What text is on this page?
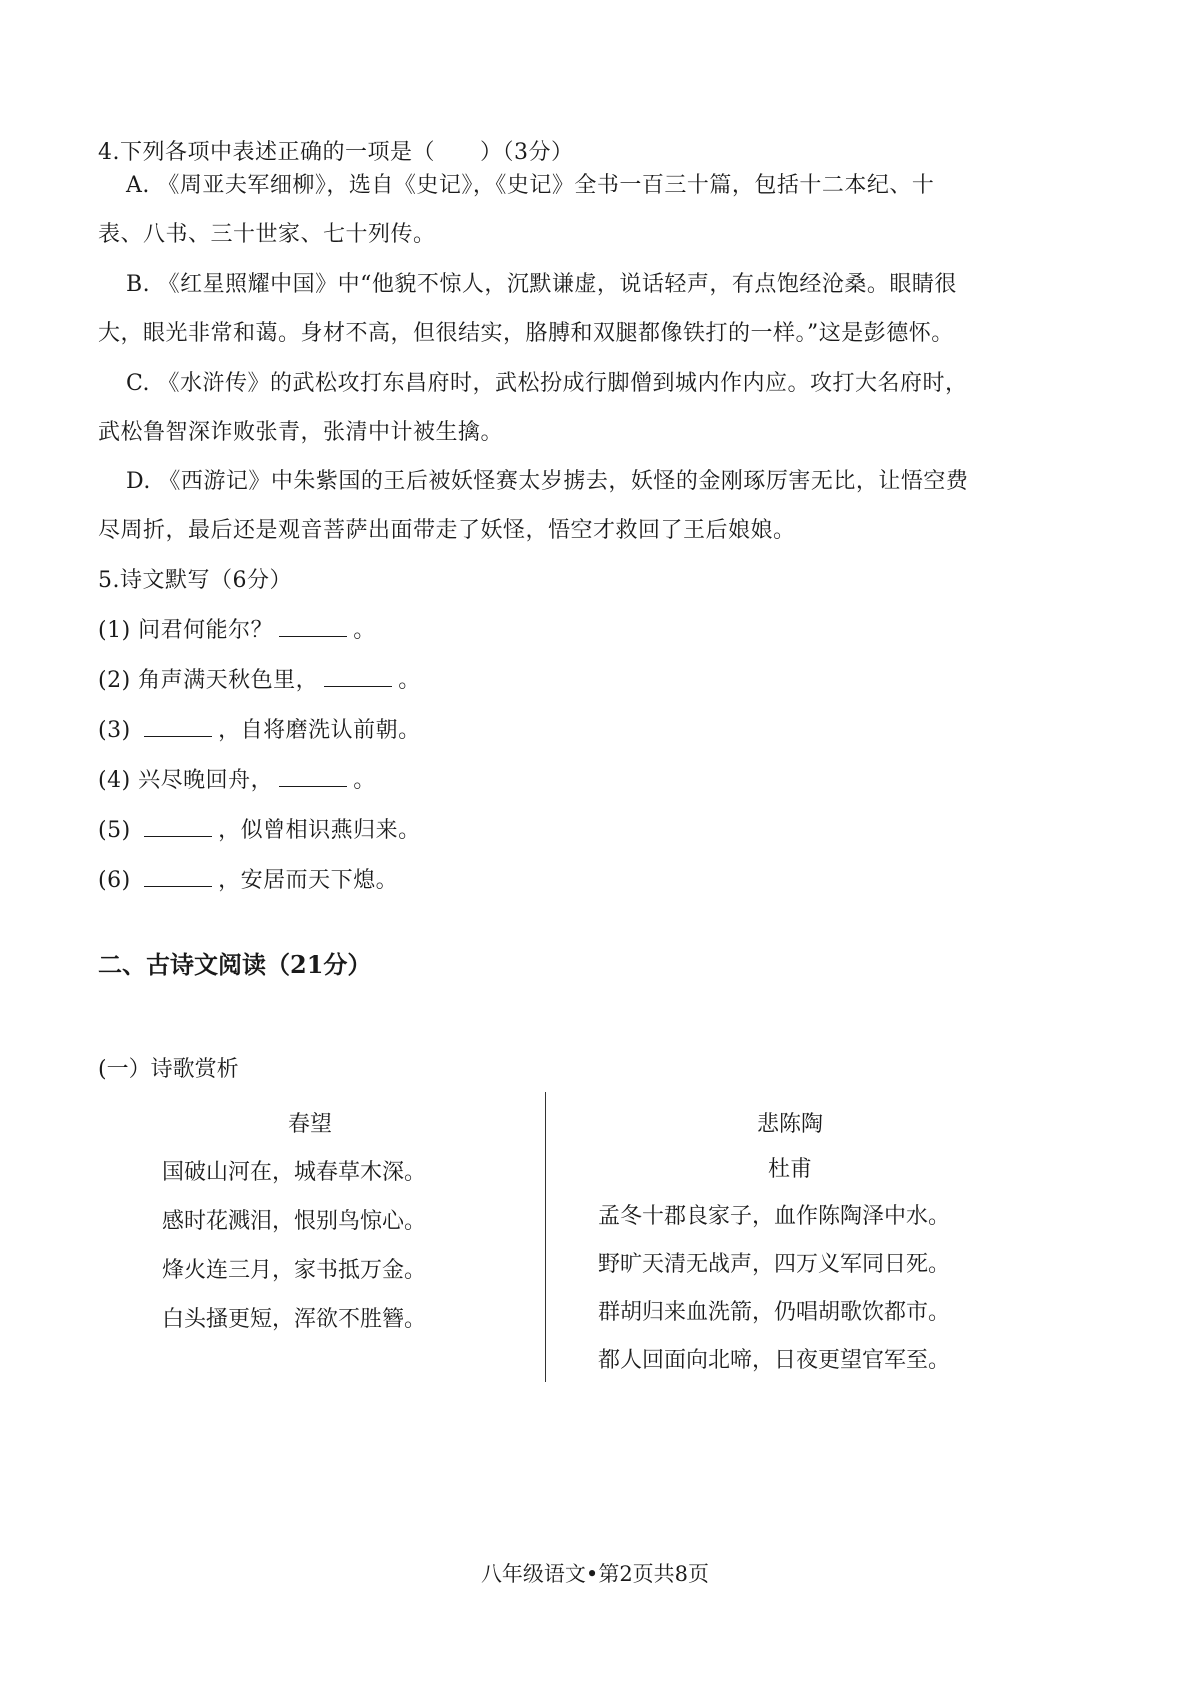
4.下列各项中表述正确的一项是（　　）（3分）
A. 《周亚夫军细柳》，选自《史记》，《史记》全书一百三十篇，包括十二本纪、十
表、八书、三十世家、七十列传。
B. 《红星照耀中国》中“他貌不惊人，沉默谦虚，说话轻声，有点饱经沧桑。眼睛很
大，眼光非常和蔼。身材不高，但很结实，胳膊和双腿都像铁打的一样。”这是彭德怀。
C. 《水浒传》的武松攻打东昌府时，武松扮成行脚僧到城内作内应。攻打大名府时，
武松鲁智深诈败张青，张清中计被生擒。
D. 《西游记》中朱紫国的王后被妖怪赛太岁掳去，妖怪的金刚琢厉害无比，让悟空费
尽周折，最后还是观音菩萨出面带走了妖怪，悟空才救回了王后娘娘。
5.诗文默写（6分）
(1) 问君何能尔？	。
(2) 角声满天秋色里，	。
(3)	，自将磨洗认前朝。
(4) 兴尽晚回舟，	。
(5)	，似曾相识燕归来。
(6)	，安居而天下熄。
二、古诗文阅读（21分）
(一）诗歌赏析
春望
国破山河在，城春草木深。
感时花溅泪，恨别鸟惊心。
烽火连三月，家书抵万金。
白头搔更短，浑欲不胜簪。
悲陈陶
杜甫
孟冬十郡良家子，血作陈陶泽中水。
野旷天清无战声，四万义军同日死。
群胡归来血洗箭，仍唱胡歌饮都市。
都人回面向北啼，日夜更望官军至。
八年级语文•第2页共8页
